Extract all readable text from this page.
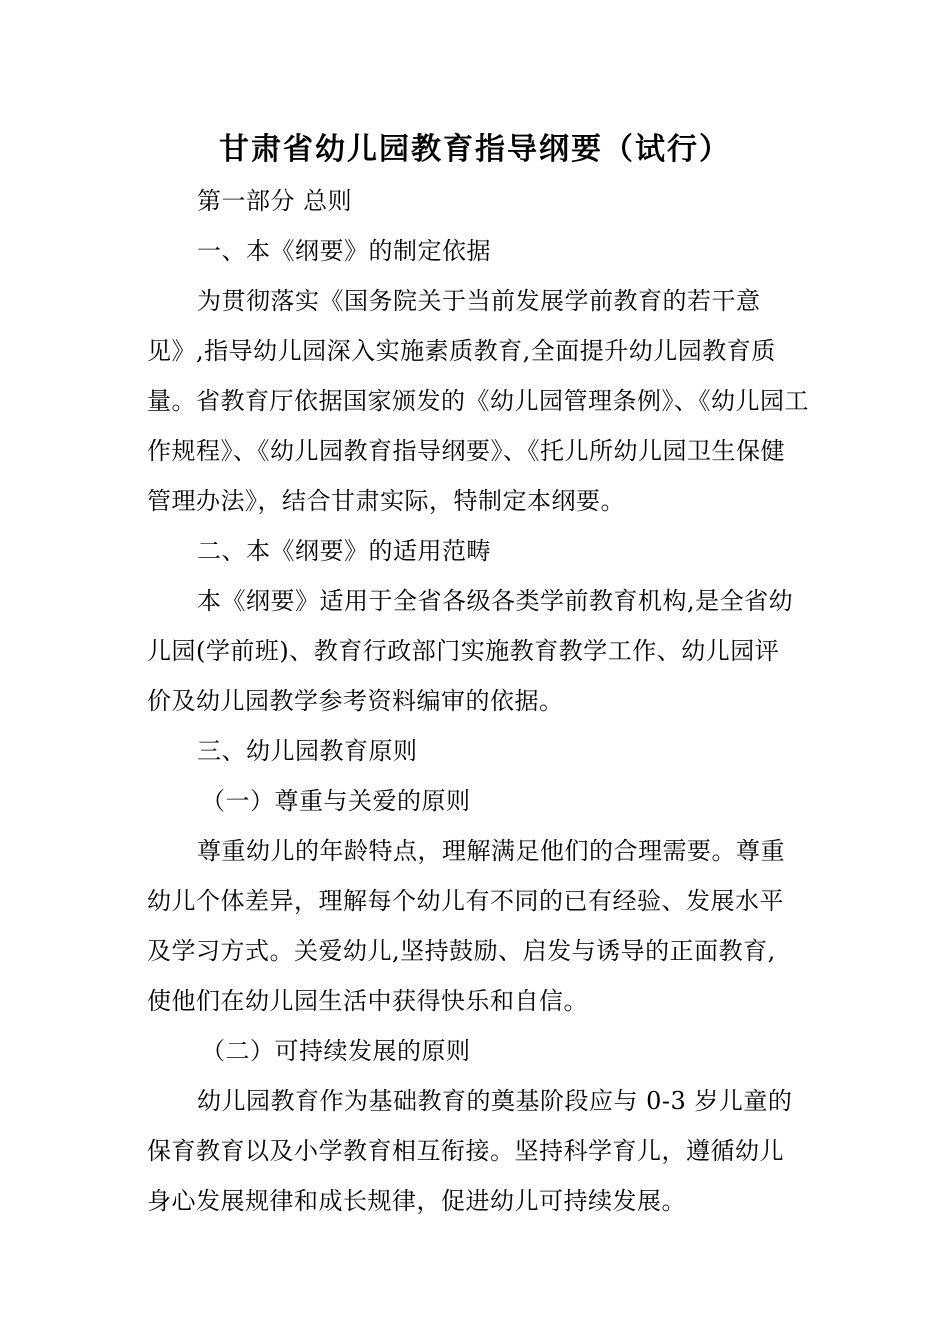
甘肃省幼儿园教育指导纲要（试行）

第一部分 总则

一、本《纲要》的制定依据

为贯彻落实《国务院关于当前发展学前教育的若干意

见》,指导幼儿园深入实施素质教育,全面提升幼儿园教育质

量。省教育厅依据国家颁发的《幼儿园管理条例》、《幼儿园工

作规程》、《幼儿园教育指导纲要》、《托儿所幼儿园卫生保健

管理办法》，结合甘肃实际，特制定本纲要。

二、本《纲要》的适用范畴

本《纲要》适用于全省各级各类学前教育机构,是全省幼

儿园(学前班)、教育行政部门实施教育教学工作、幼儿园评

价及幼儿园教学参考资料编审的依据。

三、幼儿园教育原则

（一）尊重与关爱的原则

尊重幼儿的年龄特点，理解满足他们的合理需要。尊重

幼儿个体差异，理解每个幼儿有不同的已有经验、发展水平

及学习方式。关爱幼儿,坚持鼓励、启发与诱导的正面教育,

使他们在幼儿园生活中获得快乐和自信。

（二）可持续发展的原则

幼儿园教育作为基础教育的奠基阶段应与 0-3 岁儿童的

保育教育以及小学教育相互衔接。坚持科学育儿，遵循幼儿

身心发展规律和成长规律，促进幼儿可持续发展。
